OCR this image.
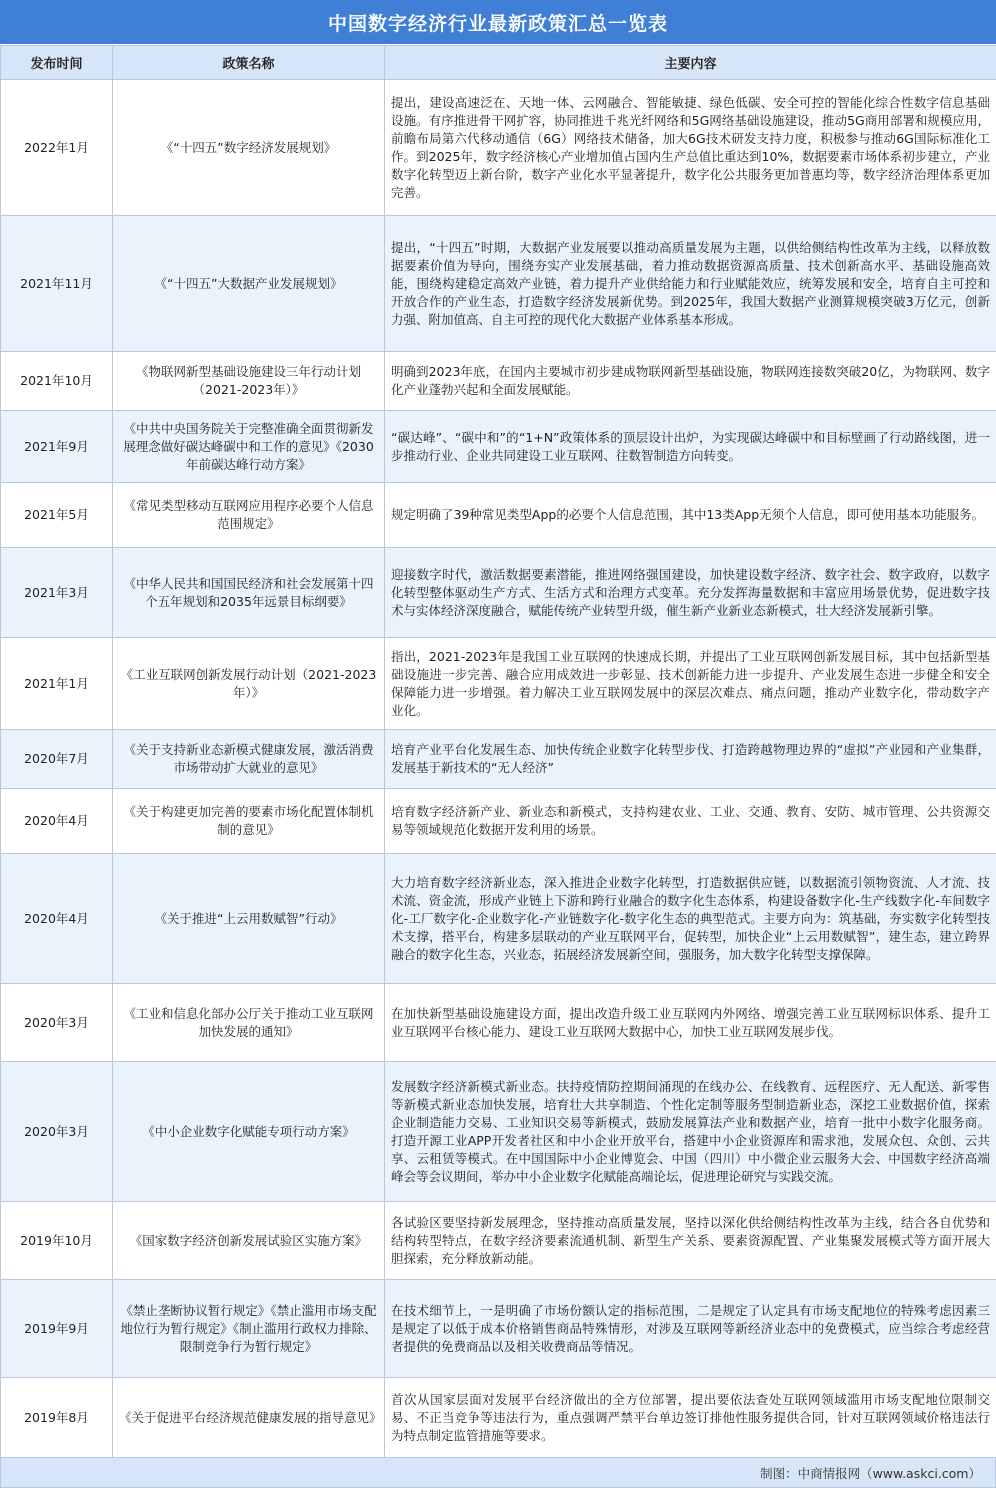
中国数字经济行业最新政策汇总一览表
发布时间	政策名称	主要内容
2022年1月	《“十四五”数字经济发展规划》	提出，建设高速泛在、天地一体、云网融合、智能敏捷、绿色低碳、安全可控的智能化综合性数字信息基础设施。有序推进骨干网扩容，协同推进千兆光纤网络和5G网络基础设施建设，推动5G商用部署和规模应用，前瞻布局第六代移动通信（6G）网络技术储备，加大6G技术研发支持力度，积极参与推动6G国际标准化工作。到2025年，数字经济核心产业增加值占国内生产总值比重达到10%，数据要素市场体系初步建立，产业数字化转型迈上新台阶，数字产业化水平显著提升，数字化公共服务更加普惠均等，数字经济治理体系更加完善。
2021年11月	《“十四五”大数据产业发展规划》	提出，“十四五”时期，大数据产业发展要以推动高质量发展为主题，以供给侧结构性改革为主线，以释放数据要素价值为导向，围绕夯实产业发展基础，着力推动数据资源高质量、技术创新高水平、基础设施高效能，围绕构建稳定高效产业链，着力提升产业供给能力和行业赋能效应，统筹发展和安全，培育自主可控和开放合作的产业生态，打造数字经济发展新优势。到2025年，我国大数据产业测算规模突破3万亿元，创新力强、附加值高、自主可控的现代化大数据产业体系基本形成。
2021年10月	《物联网新型基础设施建设三年行动计划（2021-2023年）》	明确到2023年底，在国内主要城市初步建成物联网新型基础设施，物联网连接数突破20亿，为物联网、数字化产业蓬勃兴起和全面发展赋能。
2021年9月	《中共中央国务院关于完整准确全面贯彻新发展理念做好碳达峰碳中和工作的意见》《2030年前碳达峰行动方案》	“碳达峰”、“碳中和”的“1+N”政策体系的顶层设计出炉，为实现碳达峰碳中和目标壁画了行动路线图，进一步推动行业、企业共同建设工业互联网、往数智制造方向转变。
2021年5月	《常见类型移动互联网应用程序必要个人信息范围规定》	规定明确了39种常见类型App的必要个人信息范围，其中13类App无须个人信息，即可使用基本功能服务。
2021年3月	《中华人民共和国国民经济和社会发展第十四个五年规划和2035年远景目标纲要》	迎接数字时代，激活数据要素潜能，推进网络强国建设，加快建设数字经济、数字社会、数字政府，以数字化转型整体驱动生产方式、生活方式和治理方式变革。充分发挥海量数据和丰富应用场景优势，促进数字技术与实体经济深度融合，赋能传统产业转型升级，催生新产业新业态新模式，壮大经济发展新引擎。
2021年1月	《工业互联网创新发展行动计划（2021-2023年）》	指出，2021-2023年是我国工业互联网的快速成长期，并提出了工业互联网创新发展目标，其中包括新型基础设施进一步完善、融合应用成效进一步彰显、技术创新能力进一步提升、产业发展生态进一步健全和安全保障能力进一步增强。着力解决工业互联网发展中的深层次难点、痛点问题，推动产业数字化，带动数字产业化。
2020年7月	《关于支持新业态新模式健康发展，激活消费市场带动扩大就业的意见》	培育产业平台化发展生态、加快传统企业数字化转型步伐、打造跨越物理边界的“虚拟”产业园和产业集群，发展基于新技术的“无人经济”
2020年4月	《关于构建更加完善的要素市场化配置体制机制的意见》	培育数字经济新产业、新业态和新模式，支持构建农业、工业、交通、教育、安防、城市管理、公共资源交易等领域规范化数据开发利用的场景。
2020年4月	《关于推进“上云用数赋智”行动》	大力培育数字经济新业态，深入推进企业数字化转型，打造数据供应链，以数据流引领物资流、人才流、技术流、资金流，形成产业链上下游和跨行业融合的数字化生态体系，构建设备数字化-生产线数字化-车间数字化-工厂数字化-企业数字化-产业链数字化-数字化生态的典型范式。主要方向为：筑基础，夯实数字化转型技术支撑，搭平台，构建多层联动的产业互联网平台，促转型，加快企业“上云用数赋智”，建生态，建立跨界融合的数字化生态，兴业态，拓展经济发展新空间，强服务，加大数字化转型支撑保障。
2020年3月	《工业和信息化部办公厅关于推动工业互联网加快发展的通知》	在加快新型基础设施建设方面，提出改造升级工业互联网内外网络、增强完善工业互联网标识体系、提升工业互联网平台核心能力、建设工业互联网大数据中心，加快工业互联网发展步伐。
2020年3月	《中小企业数字化赋能专项行动方案》	发展数字经济新模式新业态。扶持疫情防控期间涌现的在线办公、在线教育、远程医疗、无人配送、新零售等新模式新业态加快发展，培育壮大共享制造、个性化定制等服务型制造新业态，深挖工业数据价值，探索企业制造能力交易、工业知识交易等新模式，鼓励发展算法产业和数据产业，培育一批中小数字化服务商。打造开源工业APP开发者社区和中小企业开放平台，搭建中小企业资源库和需求池，发展众包、众创、云共享、云租赁等模式。在中国国际中小企业博览会、中国（四川）中小微企业云服务大会、中国数字经济高端峰会等会议期间，举办中小企业数字化赋能高端论坛，促进理论研究与实践交流。
2019年10月	《国家数字经济创新发展试验区实施方案》	各试验区要坚持新发展理念，坚持推动高质量发展，坚持以深化供给侧结构性改革为主线，结合各自优势和结构转型特点，在数字经济要素流通机制、新型生产关系、要素资源配置、产业集聚发展模式等方面开展大胆探索，充分释放新动能。
2019年9月	《禁止垄断协议暂行规定》《禁止滥用市场支配地位行为暂行规定》《制止滥用行政权力排除、限制竞争行为暂行规定》	在技术细节上，一是明确了市场份额认定的指标范围，二是规定了认定具有市场支配地位的特殊考虑因素三是规定了以低于成本价格销售商品特殊情形，对涉及互联网等新经济业态中的免费模式，应当综合考虑经营者提供的免费商品以及相关收费商品等情况。
2019年8月	《关于促进平台经济规范健康发展的指导意见》	首次从国家层面对发展平台经济做出的全方位部署，提出要依法查处互联网领域滥用市场支配地位限制交易、不正当竞争等违法行为，重点强调严禁平台单边签订排他性服务提供合同，针对互联网领域价格违法行为特点制定监管措施等要求。
制图：中商情报网（www.askci.com）
